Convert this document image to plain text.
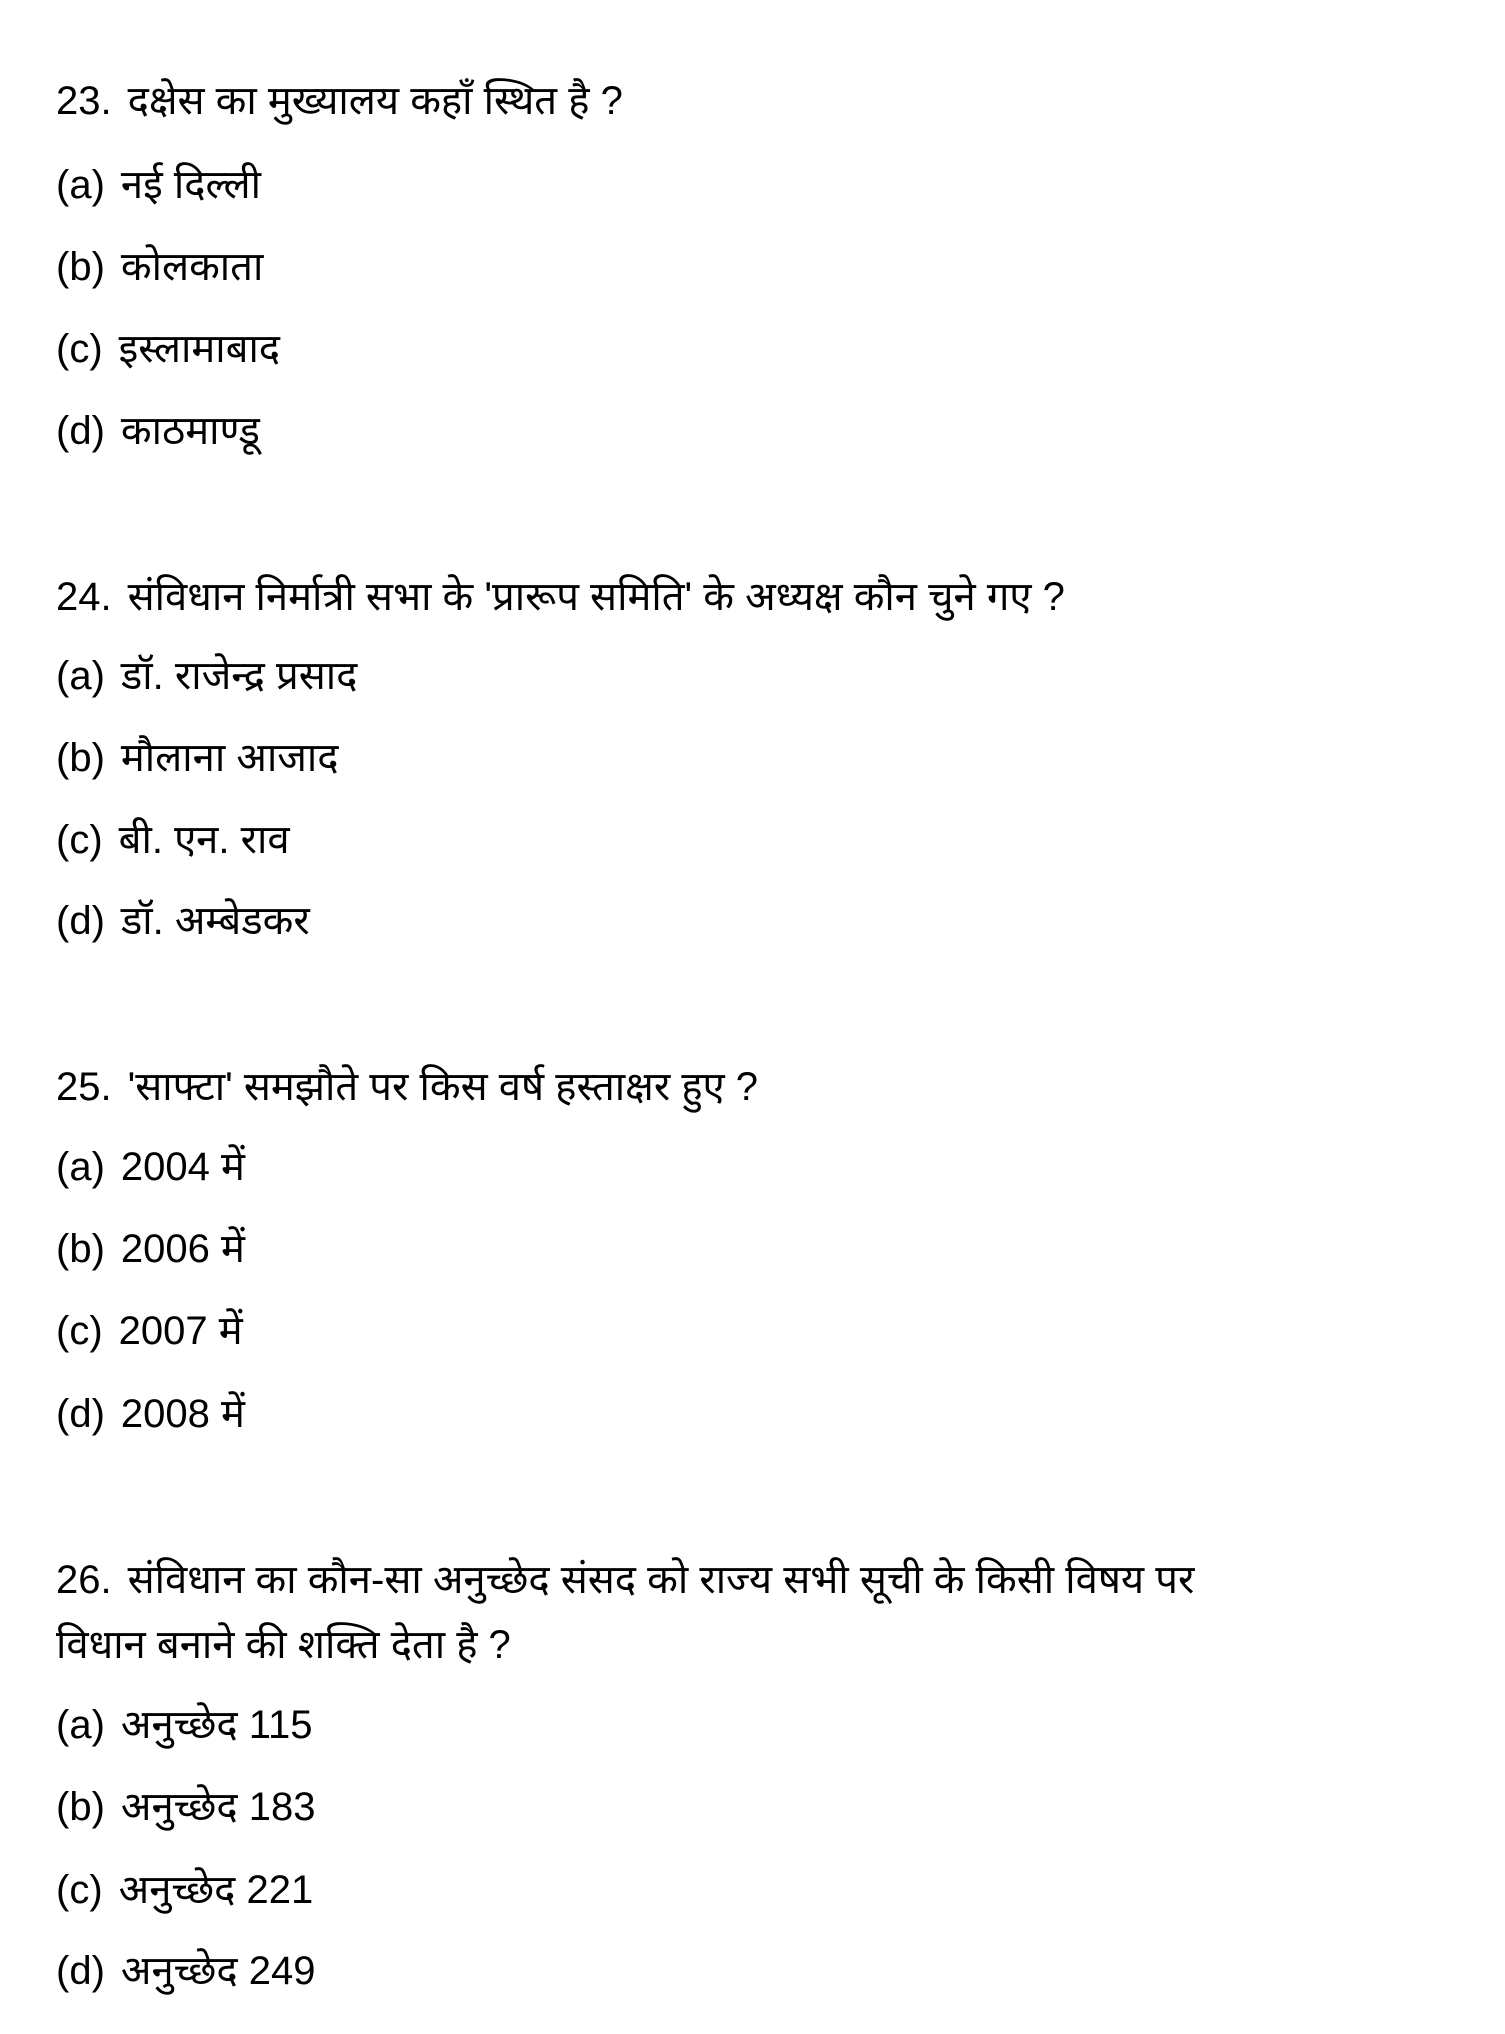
23. दक्षेस का मुख्यालय कहाँ स्थित है ?
(a) नई दिल्ली
(b) कोलकाता
(c) इस्लामाबाद
(d) काठमाण्डू
24. संविधान निर्मात्री सभा के 'प्रारूप समिति' के अध्यक्ष कौन चुने गए ?
(a) डॉ. राजेन्द्र प्रसाद
(b) मौलाना आजाद
(c) बी. एन. राव
(d) डॉ. अम्बेडकर
25. 'साफ्टा' समझौते पर किस वर्ष हस्ताक्षर हुए ?
(a) 2004 में
(b) 2006 में
(c) 2007 में
(d) 2008 में
26. संविधान का कौन-सा अनुच्छेद संसद को राज्य सभी सूची के किसी विषय पर
विधान बनाने की शक्ति देता है ?
(a) अनुच्छेद 115
(b) अनुच्छेद 183
(c) अनुच्छेद 221
(d) अनुच्छेद 249
